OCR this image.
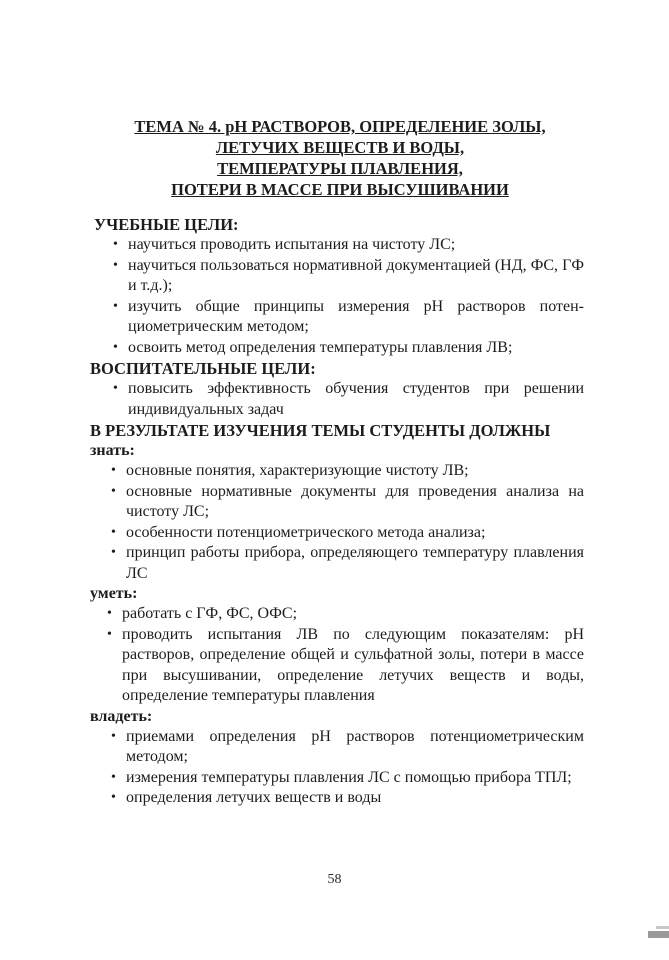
ТЕМА № 4. рН РАСТВОРОВ, ОПРЕДЕЛЕНИЕ ЗОЛЫ,
ЛЕТУЧИХ ВЕЩЕСТВ И ВОДЫ,
ТЕМПЕРАТУРЫ ПЛАВЛЕНИЯ,
ПОТЕРИ В МАССЕ ПРИ ВЫСУШИВАНИИ

УЧЕБНЫЕ ЦЕЛИ:

• научиться проводить испытания на чистоту ЛС;
• научиться пользоваться нормативной документацией (НД, ФС, ГФ и т.д.);
• изучить общие принципы измерения рН растворов потенциометрическим методом;
• освоить метод определения температуры плавления ЛВ;

ВОСПИТАТЕЛЬНЫЕ ЦЕЛИ:

• повысить эффективность обучения студентов при решении индивидуальных задач

В РЕЗУЛЬТАТЕ ИЗУЧЕНИЯ ТЕМЫ СТУДЕНТЫ ДОЛЖНЫ

знать:

• основные понятия, характеризующие чистоту ЛВ;
• основные нормативные документы для проведения анализа на чистоту ЛС;
• особенности потенциометрического метода анализа;
• принцип работы прибора, определяющего температуру плавления ЛС

уметь:

• работать с ГФ, ФС, ОФС;
• проводить испытания ЛВ по следующим показателям: рН растворов, определение общей и сульфатной золы, потери в массе при высушивании, определение летучих веществ и воды, определение температуры плавления

владеть:

• приемами определения рН растворов потенциометрическим методом;
• измерения температуры плавления ЛС с помощью прибора ТПЛ;
• определения летучих веществ и воды
58
